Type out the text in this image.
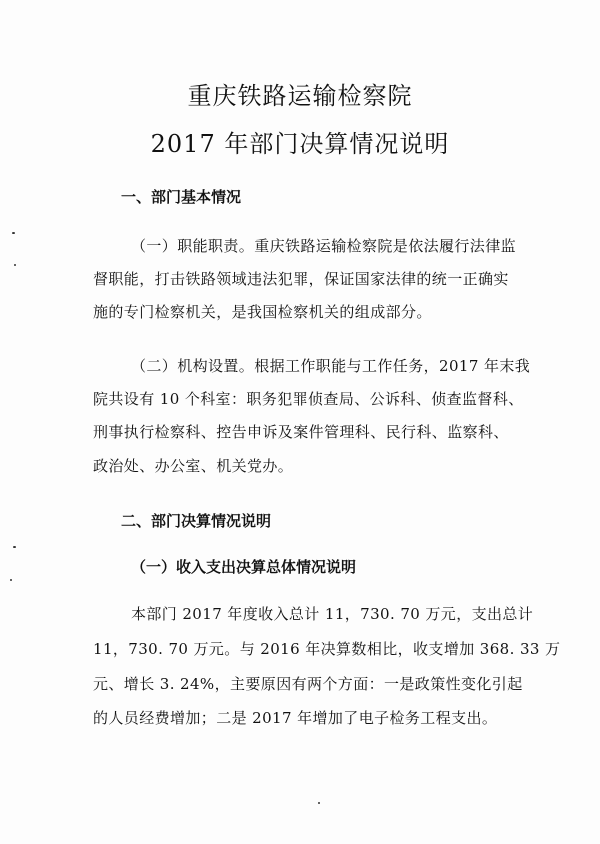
重庆铁路运输检察院
2017 年部门决算情况说明
一、部门基本情况
（一）职能职责。重庆铁路运输检察院是依法履行法律监
督职能，打击铁路领域违法犯罪，保证国家法律的统一正确实
施的专门检察机关，是我国检察机关的组成部分。
（二）机构设置。根据工作职能与工作任务，2017 年末我
院共设有 10 个科室：职务犯罪侦查局、公诉科、侦查监督科、
刑事执行检察科、控告申诉及案件管理科、民行科、监察科、
政治处、办公室、机关党办。
二、部门决算情况说明
（一）收入支出决算总体情况说明
本部门 2017 年度收入总计 11，730. 70 万元，支出总计
11，730. 70 万元。与 2016 年决算数相比，收支增加 368. 33 万
元、增长 3. 24%，主要原因有两个方面：一是政策性变化引起
的人员经费增加；二是 2017 年增加了电子检务工程支出。
